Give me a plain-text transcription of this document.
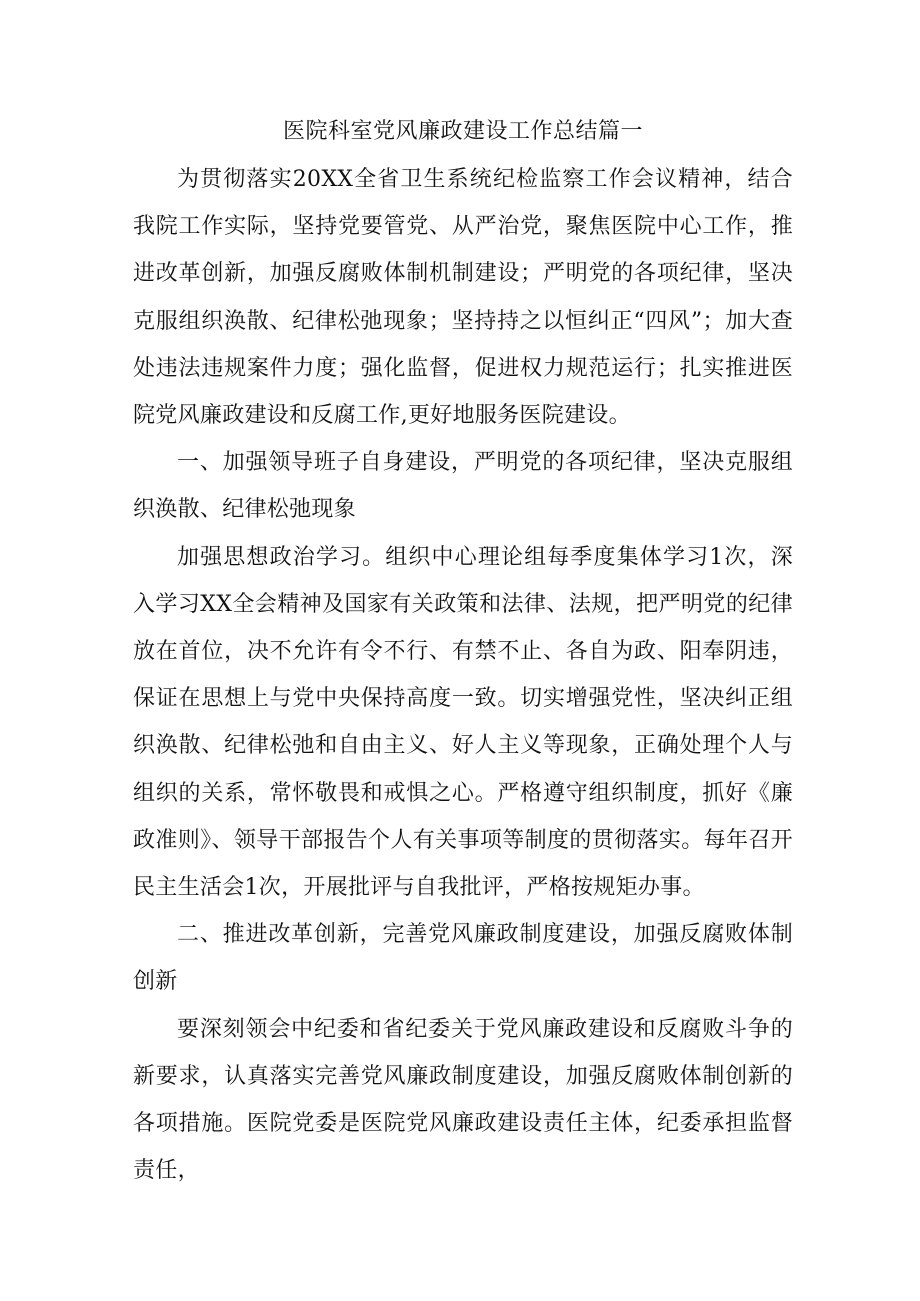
医院科室党风廉政建设工作总结篇一

为贯彻落实20XX全省卫生系统纪检监察工作会议精神，结合我院工作实际，坚持党要管党、从严治党，聚焦医院中心工作，推进改革创新，加强反腐败体制机制建设；严明党的各项纪律，坚决克服组织涣散、纪律松弛现象；坚持持之以恒纠正“四风”；加大查处违法违规案件力度；强化监督，促进权力规范运行；扎实推进医院党风廉政建设和反腐工作,更好地服务医院建设。

一、加强领导班子自身建设，严明党的各项纪律，坚决克服组织涣散、纪律松弛现象

加强思想政治学习。组织中心理论组每季度集体学习1次，深入学习XX全会精神及国家有关政策和法律、法规，把严明党的纪律放在首位，决不允许有令不行、有禁不止、各自为政、阳奉阴违，保证在思想上与党中央保持高度一致。切实增强党性，坚决纠正组织涣散、纪律松弛和自由主义、好人主义等现象，正确处理个人与组织的关系，常怀敬畏和戒惧之心。严格遵守组织制度，抓好《廉政准则》、领导干部报告个人有关事项等制度的贯彻落实。每年召开民主生活会1次，开展批评与自我批评，严格按规矩办事。

二、推进改革创新，完善党风廉政制度建设，加强反腐败体制创新

要深刻领会中纪委和省纪委关于党风廉政建设和反腐败斗争的新要求，认真落实完善党风廉政制度建设，加强反腐败体制创新的各项措施。医院党委是医院党风廉政建设责任主体，纪委承担监督责任，
